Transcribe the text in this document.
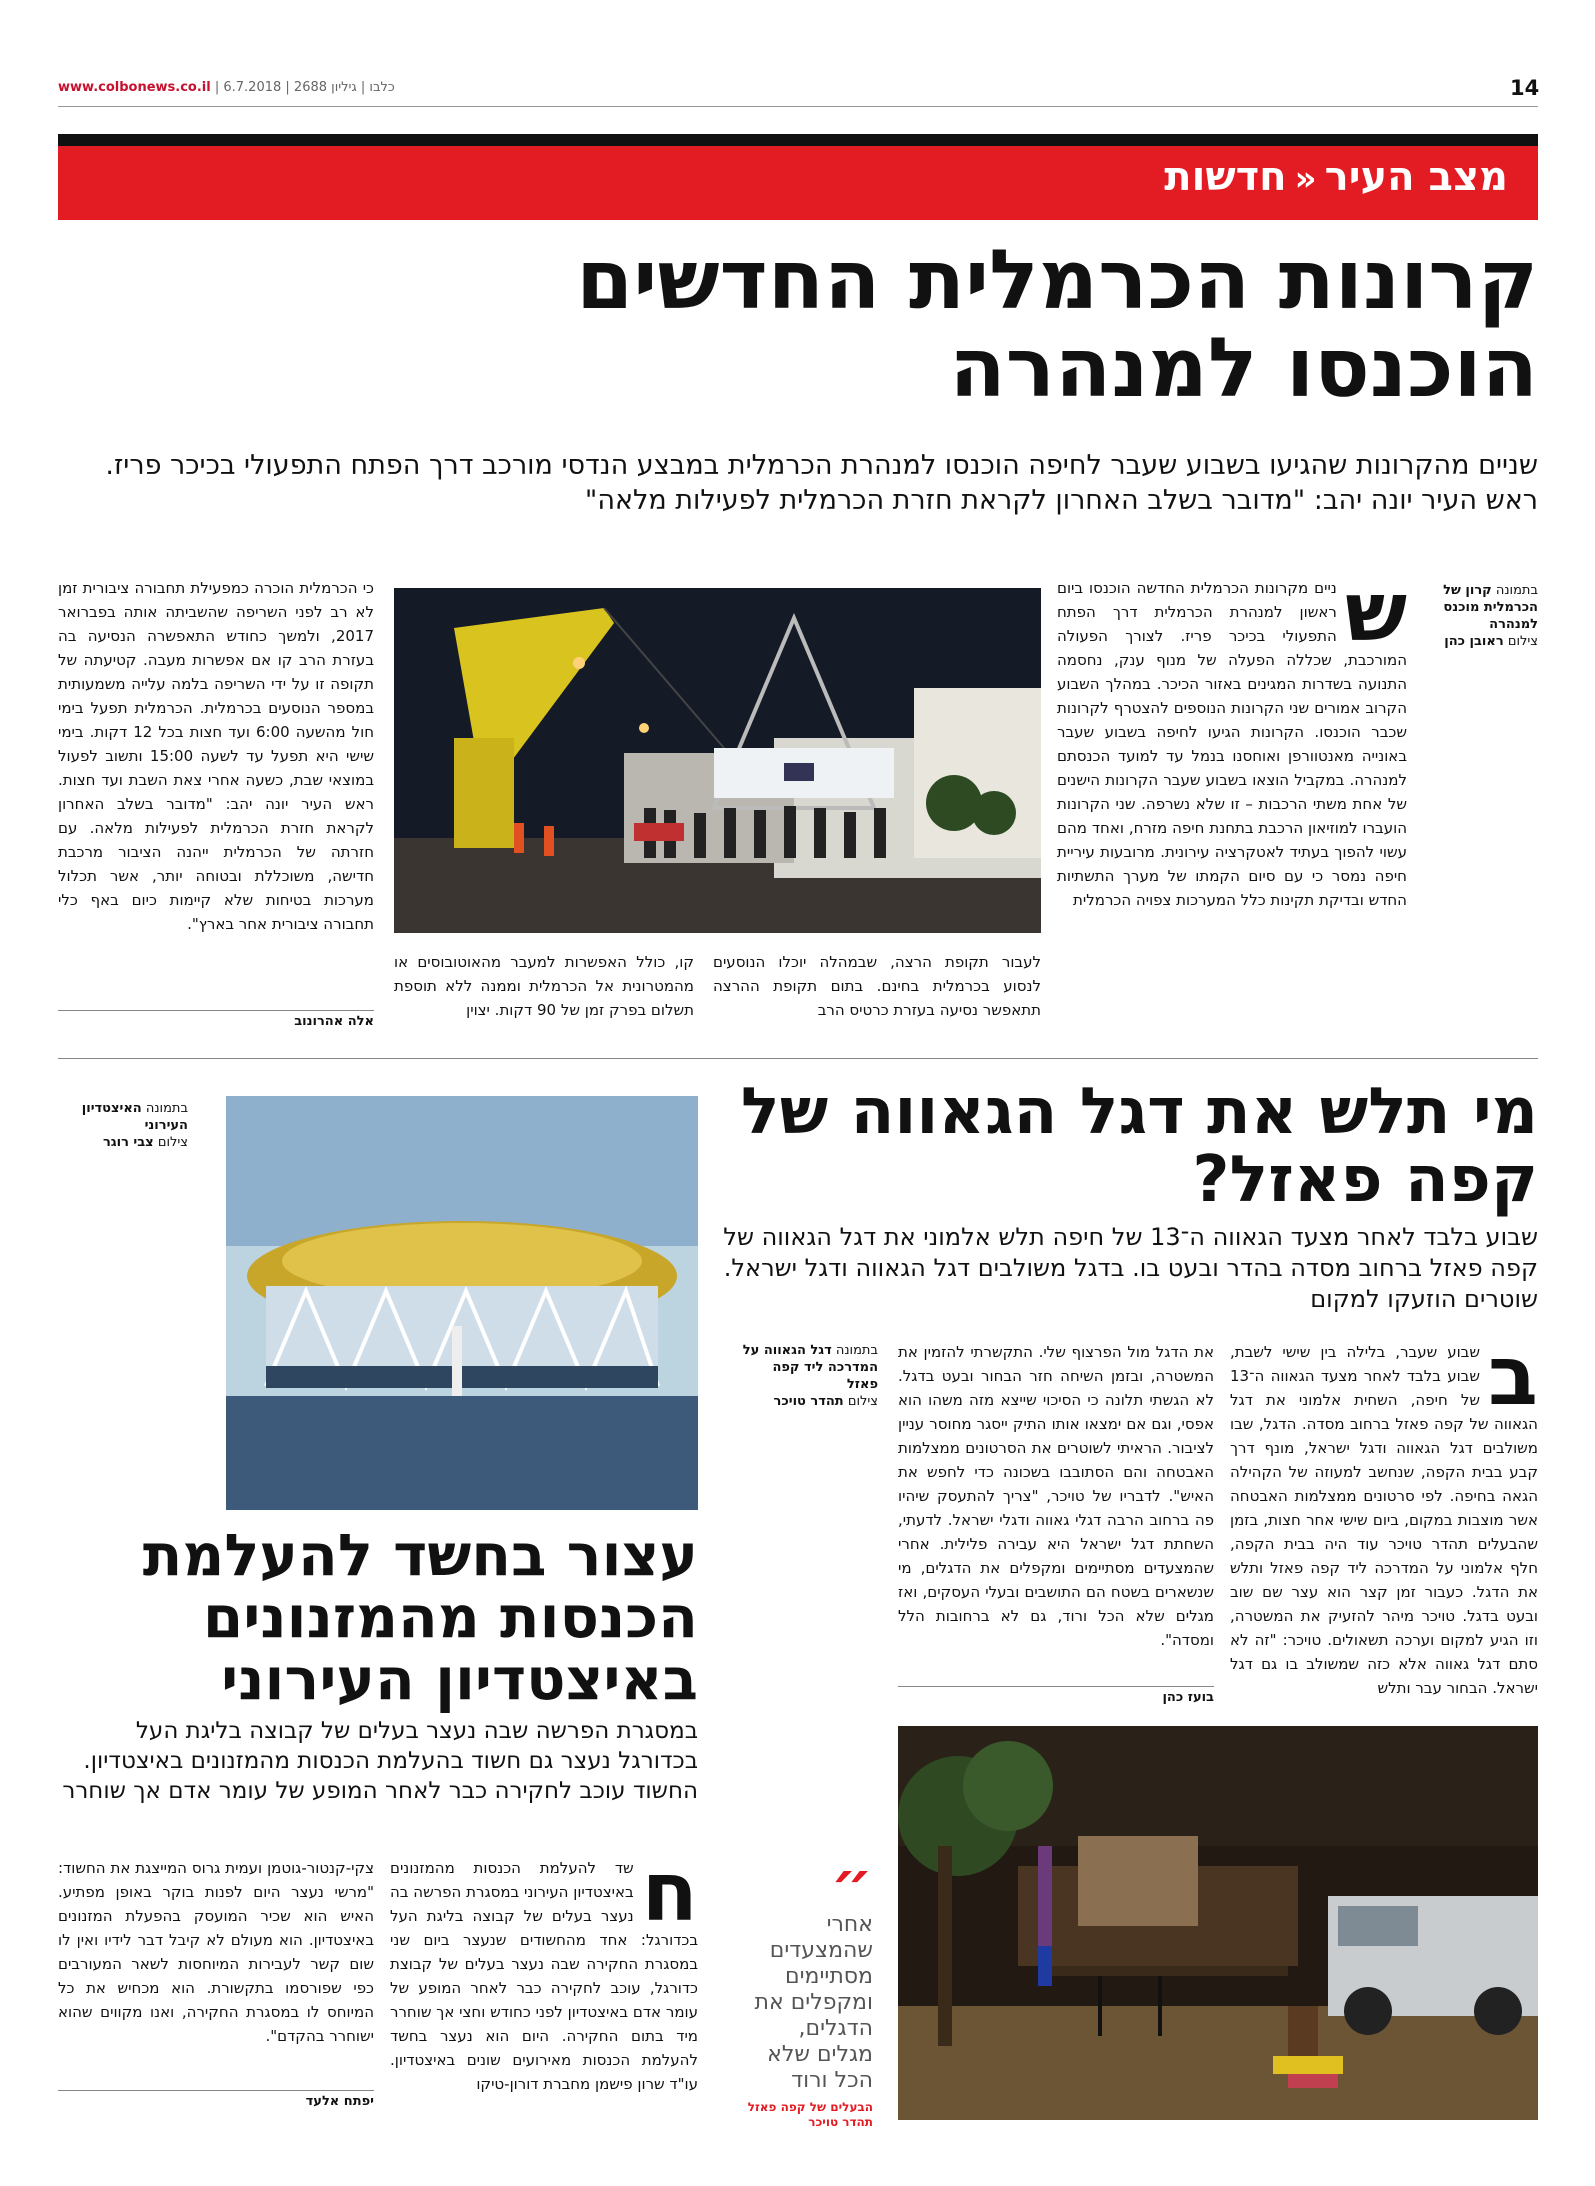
www.colbonews.co.il | כלבו | גיליון 2688 | 6.7.2018	14
מצב העיר«חדשות
קרונות הכרמלית החדשים
הוכנסו למנהרה
שניים מהקרונות שהגיעו בשבוע שעבר לחיפה הוכנסו למנהרת הכרמלית במבצע הנדסי מורכב דרך הפתח התפעולי בכיכר פריז. ראש העיר יונה יהב: "מדובר בשלב האחרון לקראת חזרת הכרמלית לפעילות מלאה"
בתמונה קרון של הכרמלית מוכנס למנהרה
צילום ראובן כהן
ש
ניים מקרונות הכרמלית החדשה הוכנסו ביום ראשון למנהרת הכרמלית דרך הפתח התפעולי בכיכר פריז. לצורך הפעולה המורכבת, שכללה הפעלה של מנוף ענק, נחסמה התנועה בשדרות המגינים באזור הכיכר. במהלך השבוע הקרוב אמורים שני הקרונות הנוספים להצטרף לקרונות שכבר הוכנסו. הקרונות הגיעו לחיפה בשבוע שעבר באונייה מאנטוורפן ואוחסנו בנמל עד למועד הכנסתם למנהרה. במקביל הוצאו בשבוע שעבר הקרונות הישנים של אחת משתי הרכבות – זו שלא נשרפה. שני הקרונות הועברו למוזיאון הרכבת בתחנת חיפה מזרח, ואחד מהם עשוי להפוך בעתיד לאטקרציה עירונית. מרובעות עיריית חיפה נמסר כי עם סיום הקמתו של מערך התשתיות החדש ובדיקת תקינות כלל המערכות צפויה הכרמלית
לעבור תקופת הרצה, שבמהלה יוכלו הנוסעים לנסוע בכרמלית בחינם. בתום תקופת ההרצה תתאפשר נסיעה בעזרת כרטיס הרב
קו, כולל האפשרות למעבר מהאוטובוסים או מהמטרונית אל הכרמלית וממנה ללא תוספת תשלום בפרק זמן של 90 דקות. יצוין
כי הכרמלית הוכרה כמפעילת תחבורה ציבורית זמן לא רב לפני השריפה שהשביתה אותה בפברואר 2017, ולמשך כחודש התאפשרה הנסיעה בה בעזרת הרב קו אם אפשרות מעבה. קטיעתה של תקופה זו על ידי השריפה בלמה עלייה משמעותית במספר הנוסעים בכרמלית. הכרמלית תפעל בימי חול מהשעה 6:00 ועד חצות בכל 12 דקות. בימי שישי היא תפעל עד לשעה 15:00 ותשוב לפעול במוצאי שבת, כשעה אחרי צאת השבת ועד חצות. ראש העיר יונה יהב: "מדובר בשלב האחרון לקראת חזרת הכרמלית לפעילות מלאה. עם חזרתה של הכרמלית ייהנה הציבור מרכבת חדישה, משוכללת ובטוחה יותר, אשר תכלול מערכות בטיחות שלא קיימות כיום באף כלי תחבורה ציבורית אחר בארץ".
אלה אהרונוב
מי תלש את דגל הגאווה של
קפה פאזל?
שבוע בלבד לאחר מצעד הגאווה ה־13 של חיפה תלש אלמוני את דגל הגאווה של קפה פאזל ברחוב מסדה בהדר ובעט בו. בדגל משולבים דגל הגאווה ודגל ישראל. שוטרים הוזעקו למקום
ב
שבוע שעבר, בלילה בין שישי לשבת, שבוע בלבד לאחר מצעד הגאווה ה־13 של חיפה, השחית אלמוני את דגל הגאווה של קפה פאזל ברחוב מסדה. הדגל, שבו משולבים דגל הגאווה ודגל ישראל, מונף דרך קבע בבית הקפה, שנחשב למעוזה של הקהילה הגאה בחיפה. לפי סרטונים ממצלמות האבטחה אשר מוצבות במקום, ביום שישי אחר חצות, בזמן שהבעלים תהדר טויכר עוד היה בבית הקפה, חלף אלמוני על המדרכה ליד קפה פאזל ותלש את הדגל. כעבור זמן קצר הוא עצר שם שוב ובעט בדגל. טויכר מיהר להזעיק את המשטרה, וזו הגיע למקום וערכה תשאולים. טויכר: "זה לא סתם דגל גאווה אלא כזה שמשולב בו גם דגל ישראל. הבחור עבר ותלש
את הדגל מול הפרצוף שלי. התקשרתי להזמין את המשטרה, ובזמן השיחה חזר הבחור ובעט בדגל. לא הגשתי תלונה כי הסיכוי שייצא מזה משהו הוא אפסי, וגם אם ימצאו אותו התיק ייסגר מחוסר עניין לציבור. הראיתי לשוטרים את הסרטונים ממצלמות האבטחה והם הסתובבו בשכונה כדי לחפש את האיש". לדבריו של טויכר, "צריך להתעסק שיהיו פה ברחוב הרבה דגלי גאווה ודגלי ישראל. לדעתי, השחתת דגל ישראל היא עבירה פלילית. אחרי שהמצעדים מסתיימים ומקפלים את הדגלים, מי שנשארים בשטח הם התושבים ובעלי העסקים, ואז מגלים שלא הכל ורוד, גם לא ברחובות הלל ומסדה".
בועז כהן
בתמונה דגל הגאווה על המדרכה ליד קפה פאזל
צילום תהדר טויכר
״
אחרי שהמצעדים מסתיימים ומקפלים את הדגלים, מגלים שלא הכל ורוד
הבעלים של קפה פאזל תהדר טויכר
בתמונה האיצטדיון העירוני
צילום צבי רוגר
עצור בחשד להעלמת
הכנסות מהמזנונים
באיצטדיון העירוני
במסגרת הפרשה שבה נעצר בעלים של קבוצה בליגת העל בכדורגל נעצר גם חשוד בהעלמת הכנסות מהמזנונים באיצטדיון. החשוד עוכב לחקירה כבר לאחר המופע של עומר אדם אך שוחרר
ח
שד להעלמת הכנסות מהמזנונים באיצטדיון העירוני במסגרת הפרשה בה נעצר בעלים של קבוצה בליגת העל בכדורגל: אחד מהחשודים שנעצר ביום שני במסגרת החקירה שבה נעצר בעלים של קבוצת כדורגל, עוכב לחקירה כבר לאחר המופע של עומר אדם באיצטדיון לפני כחודש וחצי אך שוחרר מיד בתום החקירה. היום הוא נעצר בחשד להעלמת הכנסות מאירועים שונים באיצטדיון. עו"ד שרון פישמן מחברת דורון-טיקו
צקי-קנטור-גוטמן ועמית גרוס המייצגת את החשוד: "מרשי נעצר היום לפנות בוקר באופן מפתיע. האיש הוא שכיר המועסק בהפעלת המזנונים באיצטדיון. הוא מעולם לא קיבל דבר לידיו ואין לו שום קשר לעבירות המיוחסות לשאר המעורבים כפי שפורסמו בתקשורת. הוא מכחיש את כל המיוחס לו במסגרת החקירה, ואנו מקווים שהוא ישוחרר בהקדם".
יפתח אלעד
